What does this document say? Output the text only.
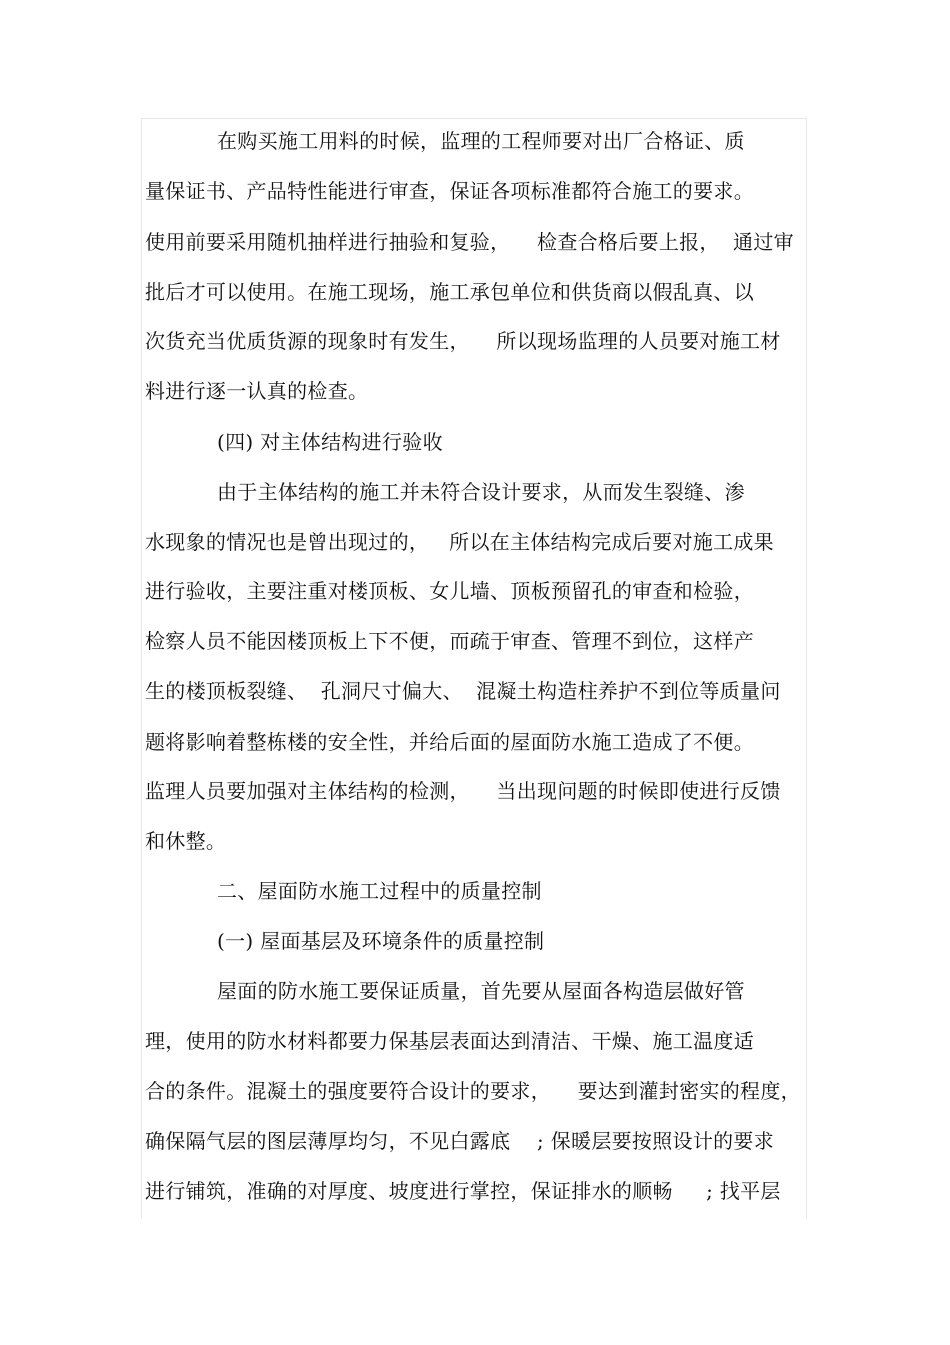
在购买施工用料的时候，监理的工程师要对出厂合格证、质
量保证书、产品特性能进行审查，保证各项标准都符合施工的要求。
使用前要采用随机抽样进行抽验和复验，    检查合格后要上报，  通过审
批后才可以使用。在施工现场，施工承包单位和供货商以假乱真、以
次货充当优质货源的现象时有发生，    所以现场监理的人员要对施工材
料进行逐一认真的检查。
(四) 对主体结构进行验收
由于主体结构的施工并未符合设计要求，从而发生裂缝、渗
水现象的情况也是曾出现过的，   所以在主体结构完成后要对施工成果
进行验收，主要注重对楼顶板、女儿墙、顶板预留孔的审查和检验，
检察人员不能因楼顶板上下不便，而疏于审查、管理不到位，这样产
生的楼顶板裂缝、  孔洞尺寸偏大、  混凝土构造柱养护不到位等质量问
题将影响着整栋楼的安全性，并给后面的屋面防水施工造成了不便。
监理人员要加强对主体结构的检测，    当出现问题的时候即使进行反馈
和休整。
二、屋面防水施工过程中的质量控制
(一) 屋面基层及环境条件的质量控制
屋面的防水施工要保证质量，首先要从屋面各构造层做好管
理，使用的防水材料都要力保基层表面达到清洁、干燥、施工温度适
合的条件。混凝土的强度要符合设计的要求，    要达到灌封密实的程度，
确保隔气层的图层薄厚均匀，不见白露底    ; 保暖层要按照设计的要求
进行铺筑，准确的对厚度、坡度进行掌控，保证排水的顺畅     ; 找平层
